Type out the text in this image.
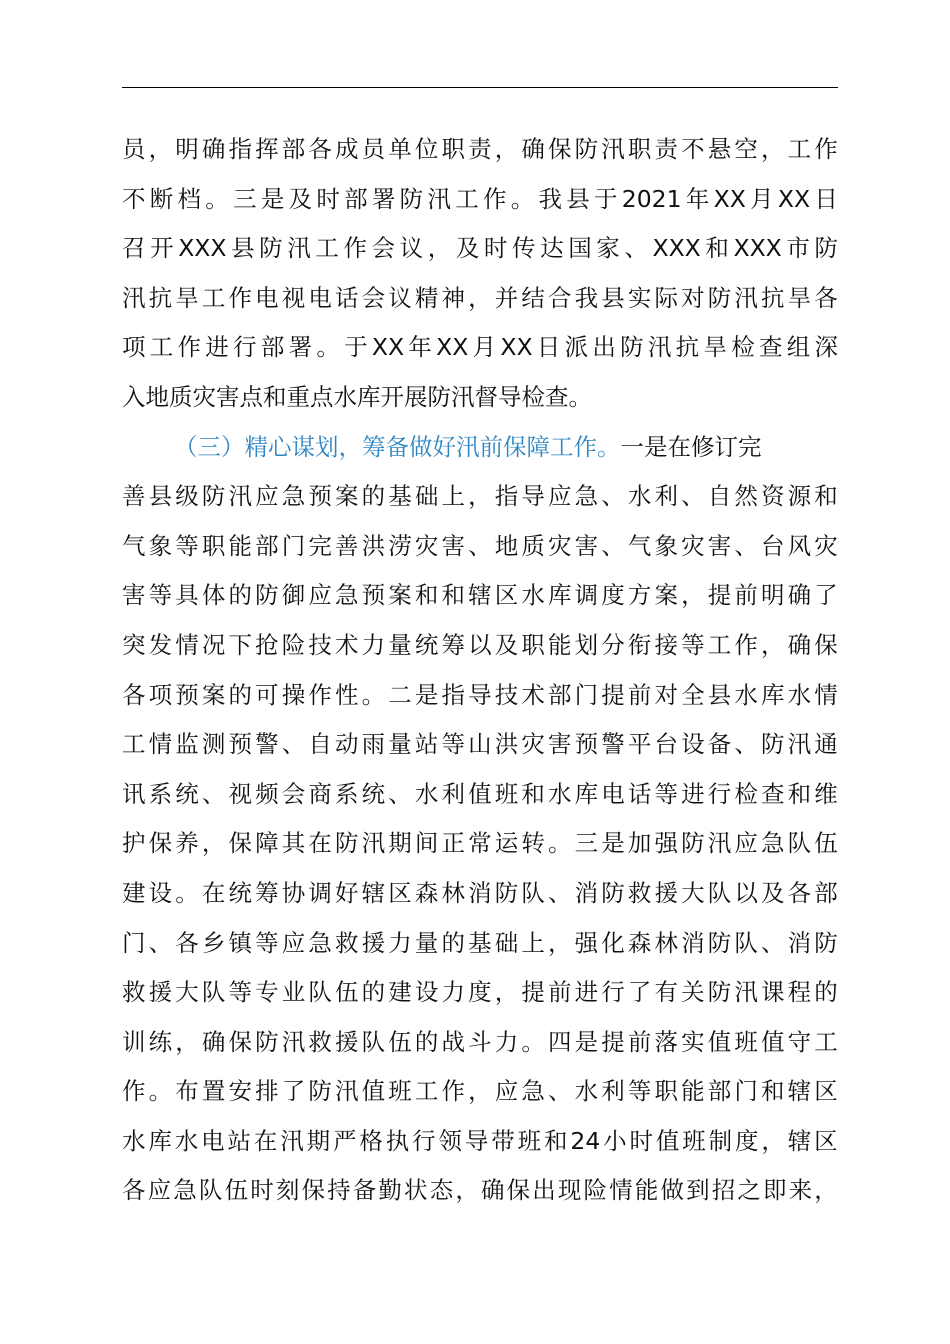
员 ， 明 确 指 挥 部 各 成 员 单 位 职 责 ， 确 保 防 汛 职 责 不 悬 空 ， 工 作
不 断 档 。 三 是 及 时 部 署 防 汛 工 作 。 我 县 于 2021 年 XX 月 XX 日
召 开 XXX 县 防 汛 工 作 会 议 ， 及 时 传 达 国 家 、 XXX 和 XXX 市 防
汛 抗 旱 工 作 电 视 电 话 会 议 精 神 ， 并 结 合 我 县 实 际 对 防 汛 抗 旱 各
项 工 作 进 行 部 署 。 于 XX 年 XX 月 XX 日 派 出 防 汛 抗 旱 检 查 组 深
入地质灾害点和重点水库开展防汛督导检查。
（三）精心谋划，筹备做好汛前保障工作。 一是在修订完
善 县 级 防 汛 应 急 预 案 的 基 础 上 ， 指 导 应 急 、 水 利 、 自 然 资 源 和
气 象 等 职 能 部 门 完 善 洪 涝 灾 害 、 地 质 灾 害 、 气 象 灾 害 、 台 风 灾
害 等 具 体 的 防 御 应 急 预 案 和 和 辖 区 水 库 调 度 方 案 ， 提 前 明 确 了
突 发 情 况 下 抢 险 技 术 力 量 统 筹 以 及 职 能 划 分 衔 接 等 工 作 ， 确 保
各 项 预 案 的 可 操 作 性 。 二 是 指 导 技 术 部 门 提 前 对 全 县 水 库 水 情
工 情 监 测 预 警 、 自 动 雨 量 站 等 山 洪 灾 害 预 警 平 台 设 备 、 防 汛 通
讯 系 统 、 视 频 会 商 系 统 、 水 利 值 班 和 水 库 电 话 等 进 行 检 查 和 维
护 保 养 ， 保 障 其 在 防 汛 期 间 正 常 运 转 。 三 是 加 强 防 汛 应 急 队 伍
建 设 。 在 统 筹 协 调 好 辖 区 森 林 消 防 队 、 消 防 救 援 大 队 以 及 各 部
门 、 各 乡 镇 等 应 急 救 援 力 量 的 基 础 上 ， 强 化 森 林 消 防 队 、 消 防
救 援 大 队 等 专 业 队 伍 的 建 设 力 度 ， 提 前 进 行 了 有 关 防 汛 课 程 的
训 练 ， 确 保 防 汛 救 援 队 伍 的 战 斗 力 。 四 是 提 前 落 实 值 班 值 守 工
作 。 布 置 安 排 了 防 汛 值 班 工 作 ， 应 急 、 水 利 等 职 能 部 门 和 辖 区
水 库 水 电 站 在 汛 期 严 格 执 行 领 导 带 班 和 24 小 时 值 班 制 度 ， 辖 区
各 应 急 队 伍 时 刻 保 持 备 勤 状 态 ， 确 保 出 现 险 情 能 做 到 招 之 即 来 ，
